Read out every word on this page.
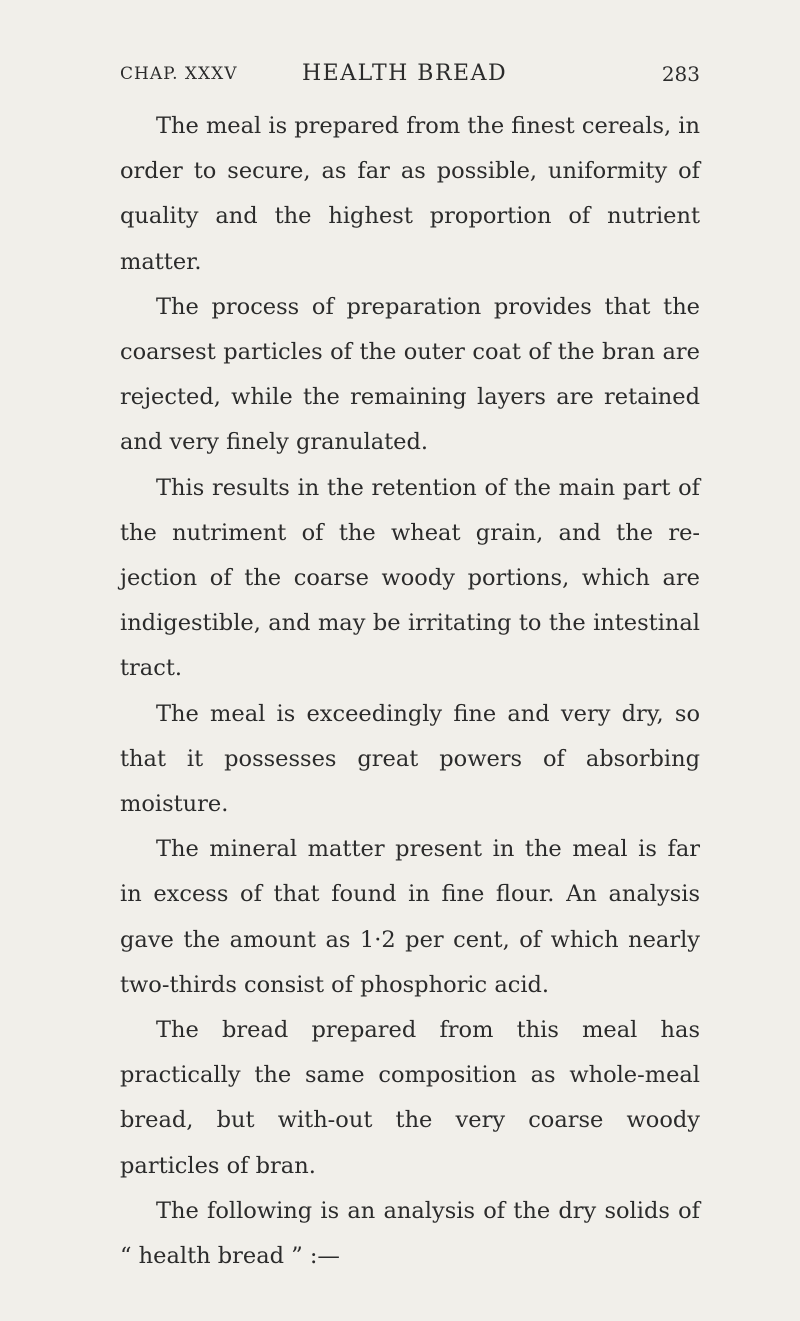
CHAP. XXXV	HEALTH BREAD	283

The meal is prepared from the finest cereals, in order to secure, as far as possible, uniformity of quality and the highest proportion of nutrient matter.

The process of preparation provides that the coarsest particles of the outer coat of the bran are rejected, while the remaining layers are retained and very finely granulated.

This results in the retention of the main part of the nutriment of the wheat grain, and the re-jection of the coarse woody portions, which are indigestible, and may be irritating to the intestinal tract.

The meal is exceedingly fine and very dry, so that it possesses great powers of absorbing moisture.

The mineral matter present in the meal is far in excess of that found in fine flour. An analysis gave the amount as 1·2 per cent, of which nearly two-thirds consist of phosphoric acid.

The bread prepared from this meal has practically the same composition as whole-meal bread, but with-out the very coarse woody particles of bran.

The following is an analysis of the dry solids of “ health bread ” :—
